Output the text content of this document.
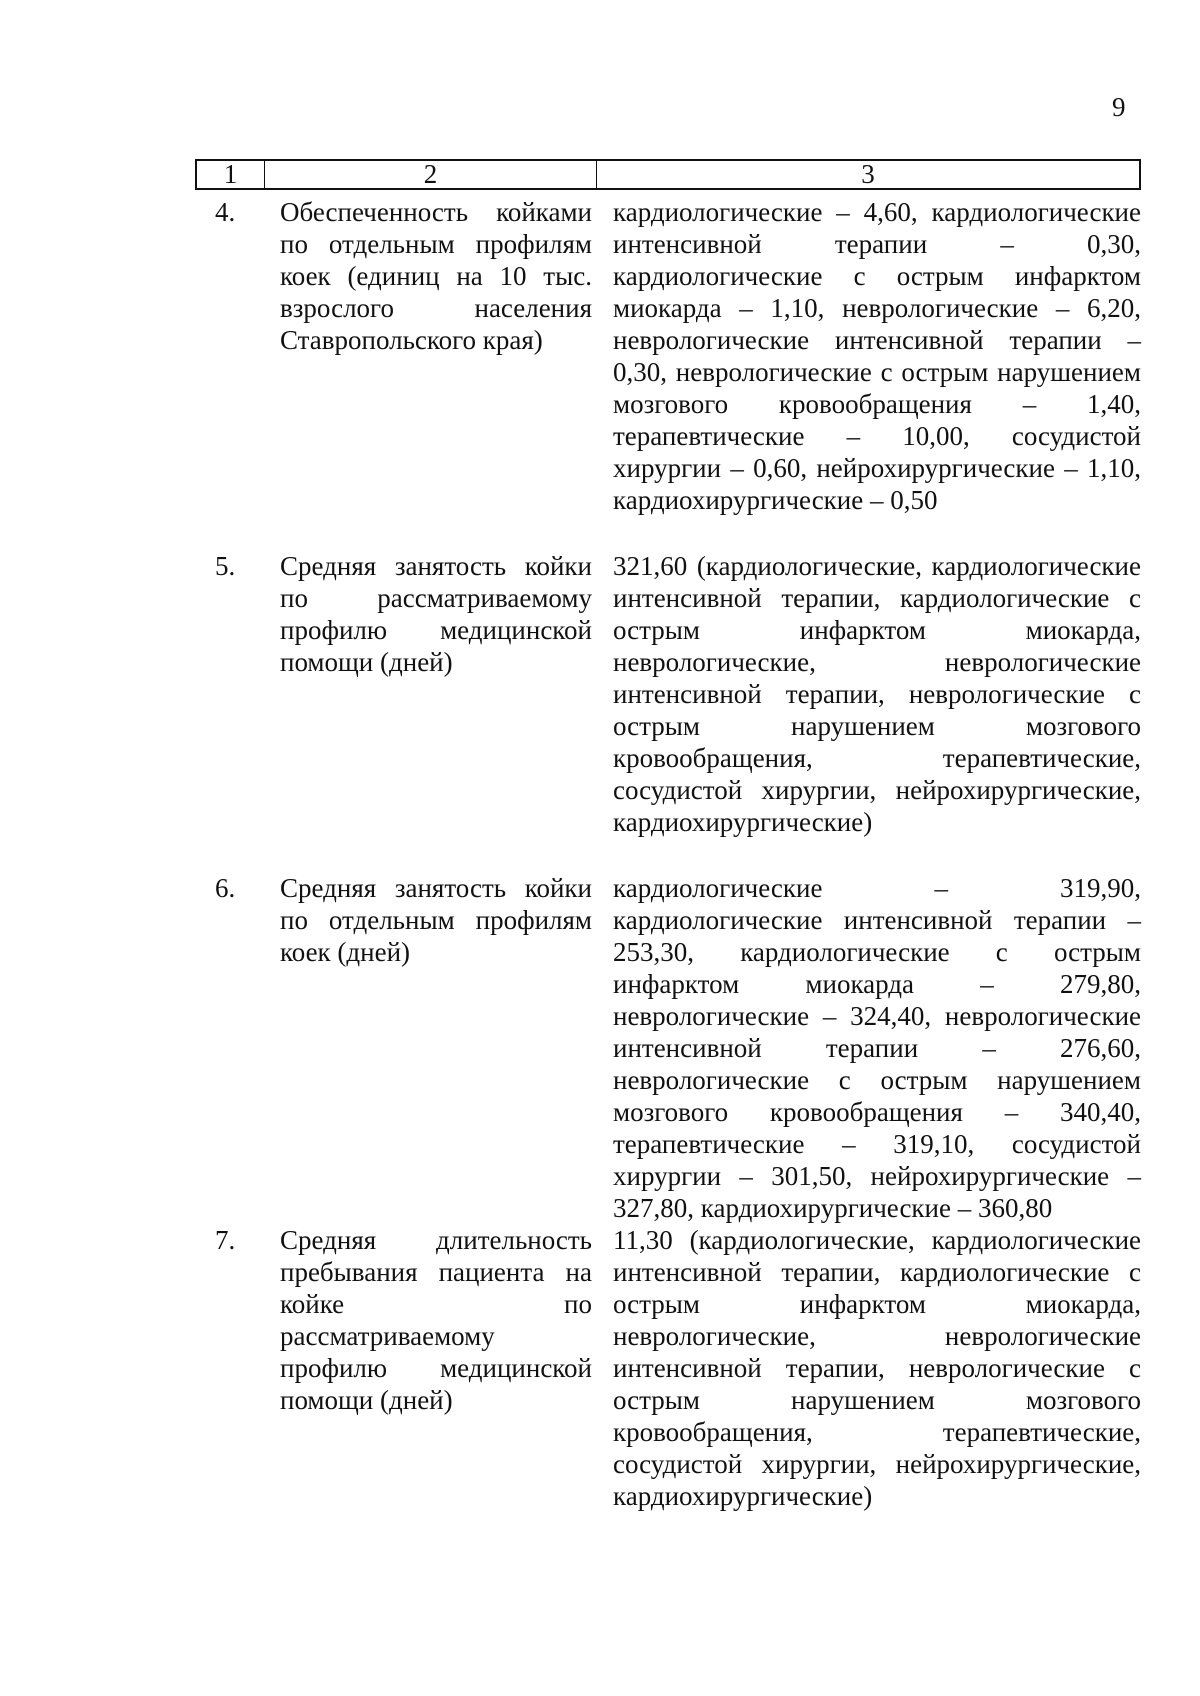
9
1	2	3
4. Обеспеченность койками по отдельным профилям коек (единиц на 10 тыс. взрослого населения Ставропольского края)
кардиологические – 4,60, кардиологические интенсивной терапии – 0,30, кардиологические с острым инфарктом миокарда – 1,10, неврологические – 6,20, неврологические интенсивной терапии – 0,30, неврологические с острым нарушением мозгового кровообращения – 1,40, терапевтические – 10,00, сосудистой хирургии – 0,60, нейрохирургические – 1,10, кардиохирургические – 0,50
5. Средняя занятость койки по рассматриваемому профилю медицинской помощи (дней)
321,60 (кардиологические, кардиологические интенсивной терапии, кардиологические с острым инфарктом миокарда, неврологические, неврологические интенсивной терапии, неврологические с острым нарушением мозгового кровообращения, терапевтические, сосудистой хирургии, нейрохирургические, кардиохирургические)
6. Средняя занятость койки по отдельным профилям коек (дней)
кардиологические – 319,90, кардиологические интенсивной терапии – 253,30, кардиологические с острым инфарктом миокарда – 279,80, неврологические – 324,40, неврологические интенсивной терапии – 276,60, неврологические с острым нарушением мозгового кровообращения – 340,40, терапевтические – 319,10, сосудистой хирургии – 301,50, нейрохирургические – 327,80, кардиохирургические – 360,80
7. Средняя длительность пребывания пациента на койке по рассматриваемому профилю медицинской помощи (дней)
11,30 (кардиологические, кардиологические интенсивной терапии, кардиологические с острым инфарктом миокарда, неврологические, неврологические интенсивной терапии, неврологические с острым нарушением мозгового кровообращения, терапевтические, сосудистой хирургии, нейрохирургические, кардиохирургические)
